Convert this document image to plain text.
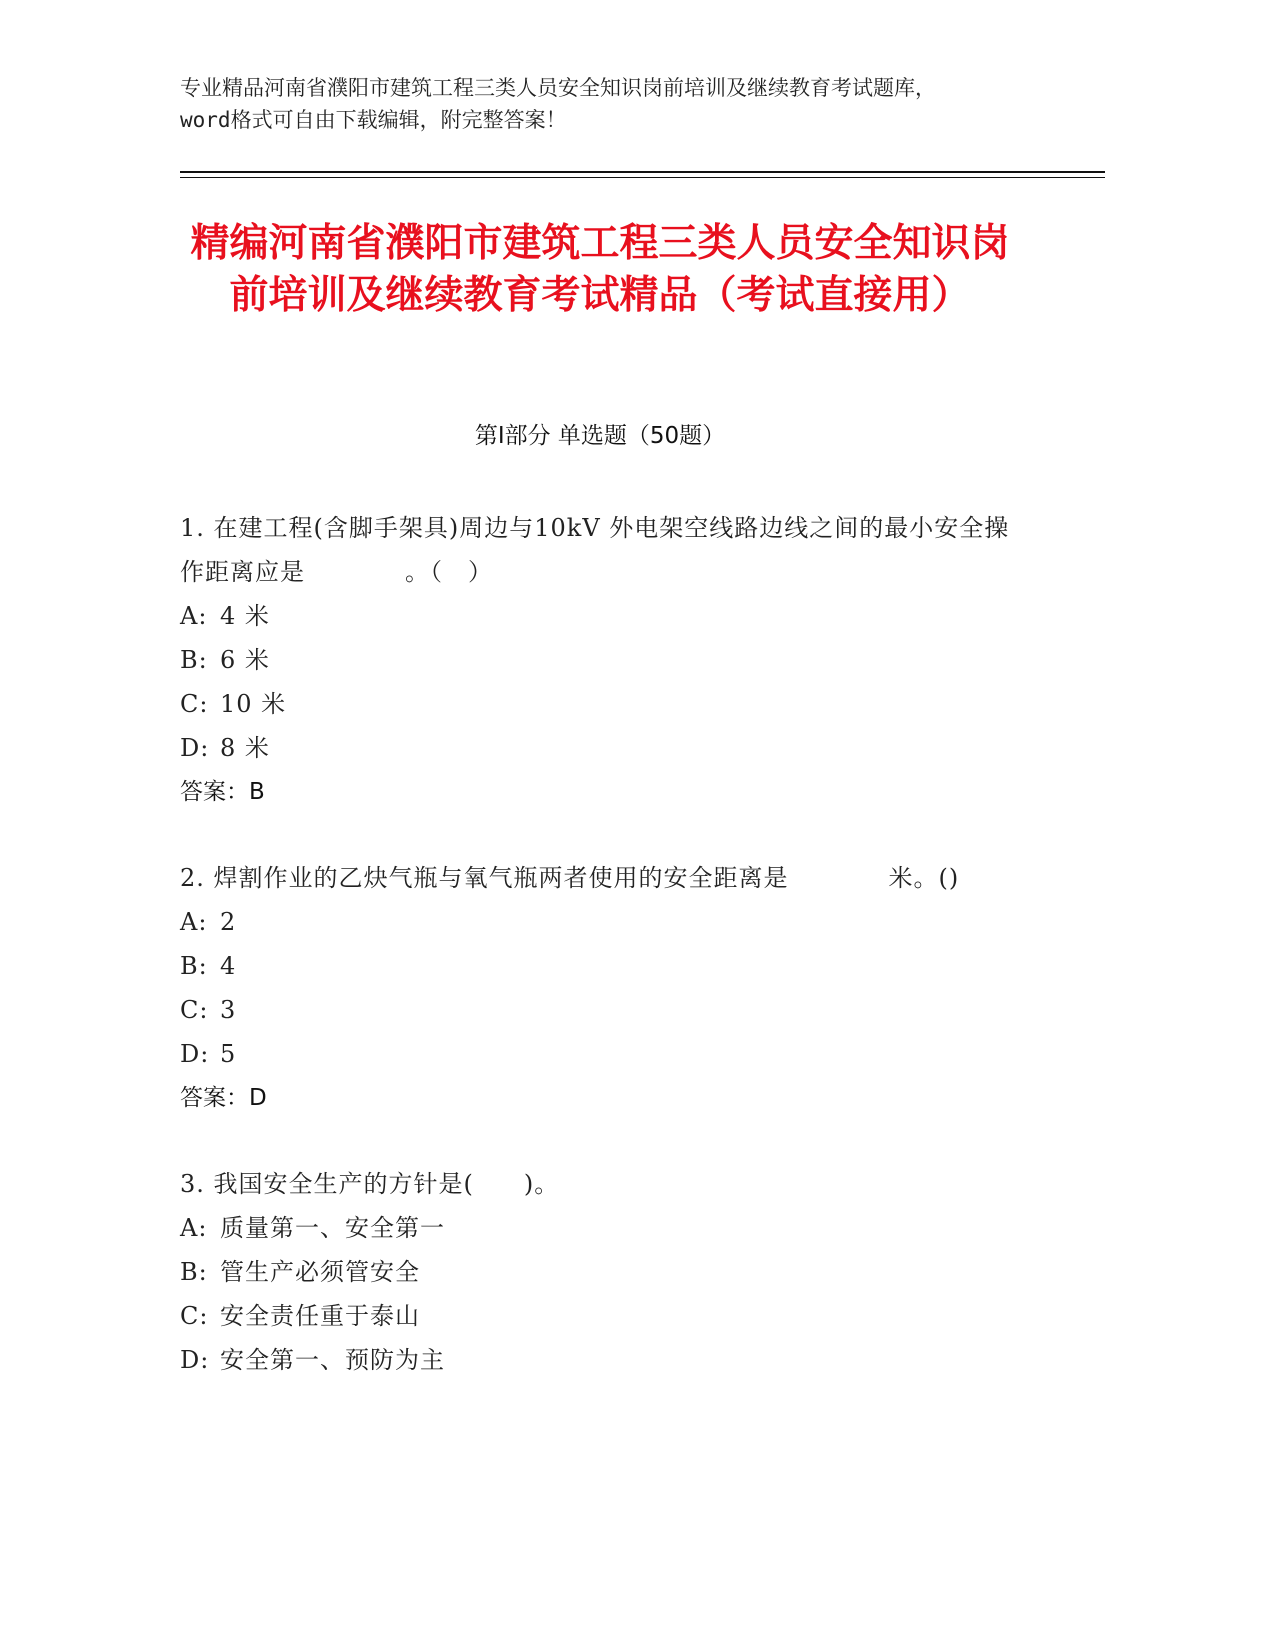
专业精品河南省濮阳市建筑工程三类人员安全知识岗前培训及继续教育考试题库，
word格式可自由下载编辑，附完整答案！
精编河南省濮阳市建筑工程三类人员安全知识岗前培训及继续教育考试精品（考试直接用）
第Ⅰ部分 单选题（50题）
1. 在建工程(含脚手架具)周边与10kV 外电架空线路边线之间的最小安全操作距离应是　　　　。（　）
A: 4 米
B: 6 米
C: 10 米
D: 8 米
答案：B
2. 焊割作业的乙炔气瓶与氧气瓶两者使用的安全距离是　　　　米。()
A: 2
B: 4
C: 3
D: 5
答案：D
3. 我国安全生产的方针是(　　)。
A: 质量第一、安全第一
B: 管生产必须管安全
C: 安全责任重于泰山
D: 安全第一、预防为主
